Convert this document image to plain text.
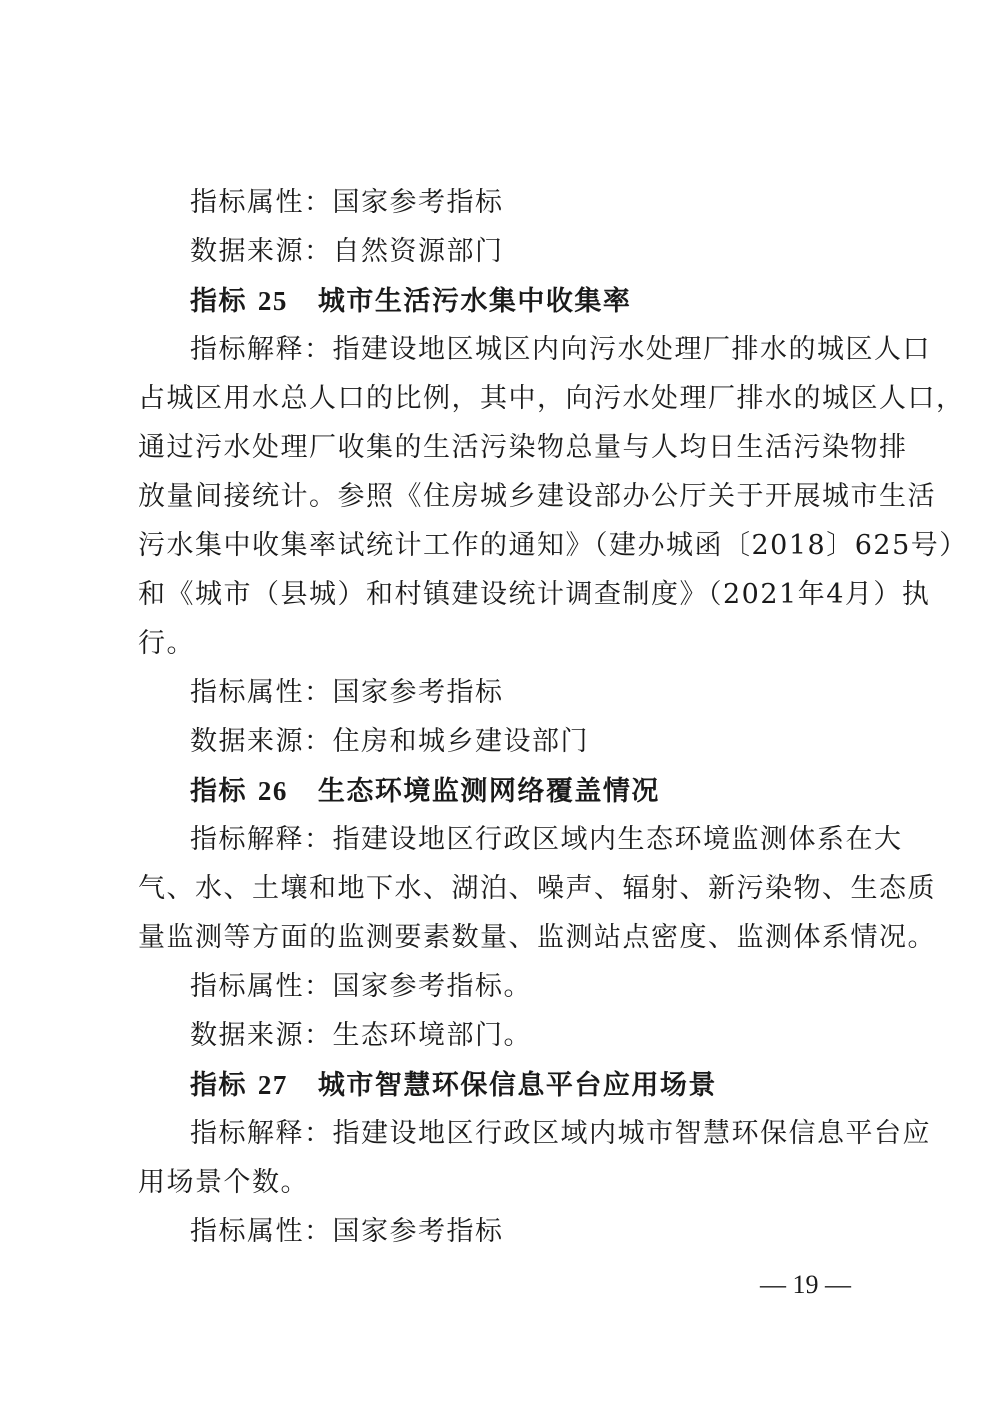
指标属性：国家参考指标
数据来源：自然资源部门
指标 25 城市生活污水集中收集率
指标解释：指建设地区城区内向污水处理厂排水的城区人口
占城区用水总人口的比例，其中，向污水处理厂排水的城区人口，
通过污水处理厂收集的生活污染物总量与人均日生活污染物排
放量间接统计。参照《住房城乡建设部办公厅关于开展城市生活
污水集中收集率试统计工作的通知》（建办城函〔2018〕625号）
和《城市（县城）和村镇建设统计调查制度》（2021年4月）执
行。
指标属性：国家参考指标
数据来源：住房和城乡建设部门
指标 26 生态环境监测网络覆盖情况
指标解释：指建设地区行政区域内生态环境监测体系在大
气、水、土壤和地下水、湖泊、噪声、辐射、新污染物、生态质
量监测等方面的监测要素数量、监测站点密度、监测体系情况。
指标属性：国家参考指标。
数据来源：生态环境部门。
指标 27 城市智慧环保信息平台应用场景
指标解释：指建设地区行政区域内城市智慧环保信息平台应
用场景个数。
指标属性：国家参考指标
— 19 —
